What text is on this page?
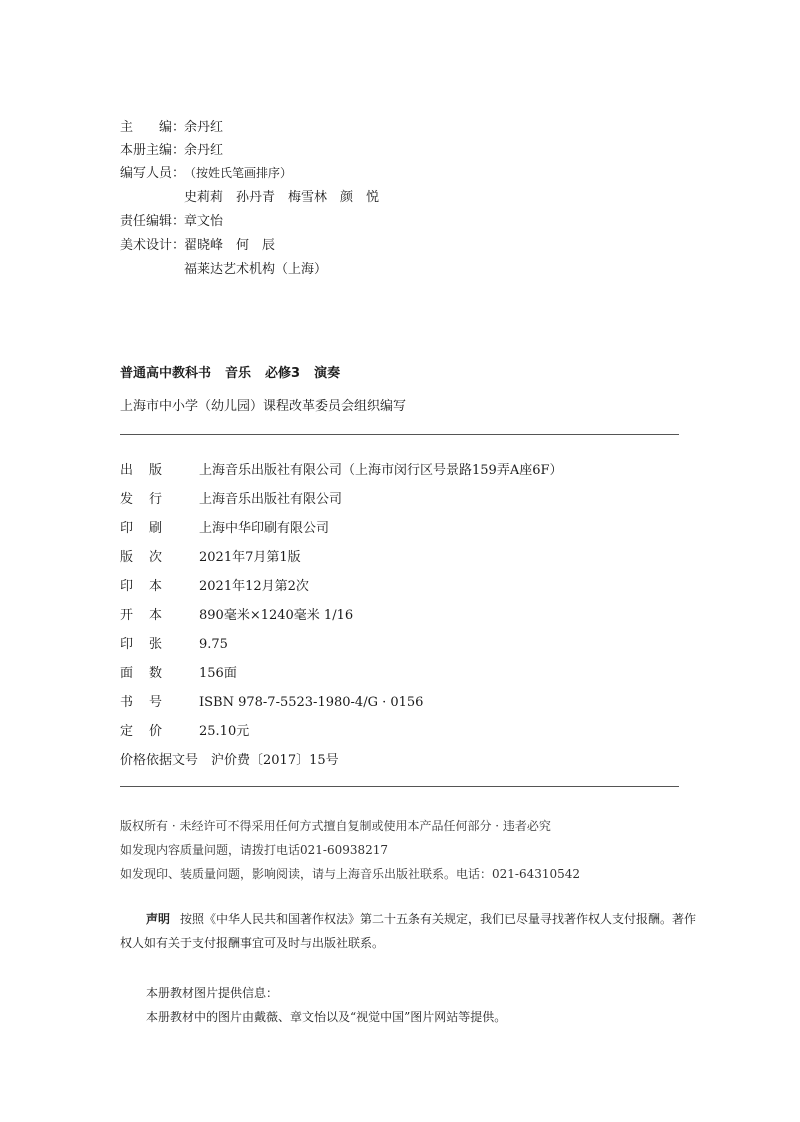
主　　编：余丹红
本册主编：余丹红
编写人员：（按姓氏笔画排序）
史莉莉　孙丹青　梅雪林　颜　悦
责任编辑：章文怡
美术设计：翟晓峰　何　辰
福莱达艺术机构（上海）
普通高中教科书 音乐 必修3 演奏
上海市中小学（幼儿园）课程改革委员会组织编写
出 版	上海音乐出版社有限公司（上海市闵行区号景路159弄A座6F）
发 行	上海音乐出版社有限公司
印 刷	上海中华印刷有限公司
版 次	2021年7月第1版
印 本	2021年12月第2次
开 本	890毫米×1240毫米 1/16
印 张	9.75
面 数	156面
书 号	ISBN 978-7-5523-1980-4/G · 0156
定 价	25.10元
价格依据文号　沪价费〔2017〕15号
版权所有 · 未经许可不得采用任何方式擅自复制或使用本产品任何部分 · 违者必究
如发现内容质量问题，请拨打电话021-60938217
如发现印、装质量问题，影响阅读，请与上海音乐出版社联系。电话：021-64310542
声明 按照《中华人民共和国著作权法》第二十五条有关规定，我们已尽量寻找著作权人支付报酬。著作权人如有关于支付报酬事宜可及时与出版社联系。
本册教材图片提供信息：
本册教材中的图片由戴薇、章文怡以及“视觉中国”图片网站等提供。
